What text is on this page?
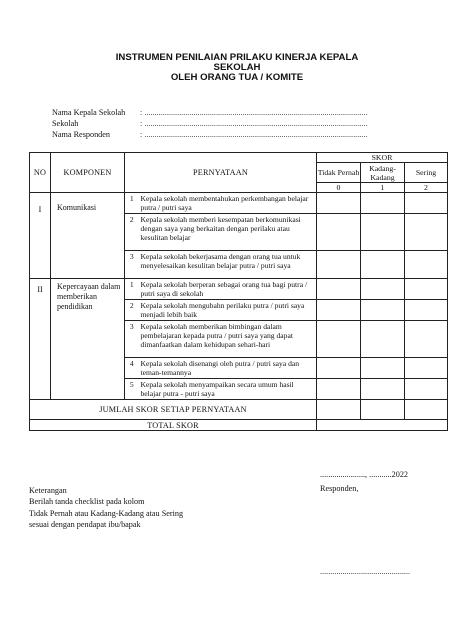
INSTRUMEN PENILAIAN PRILAKU KINERJA KEPALA
SEKOLAH
OLEH ORANG TUA / KOMITE
Nama Kepala Sekolah : .............................................................................................................
Sekolah	: .............................................................................................................
Nama Responden	: .............................................................................................................
NO	KOMPONEN	PERNYATAAN		SKOR		
				Tidak Pernah	Kadang-Kadang	Sering
				0	1	2
I	Komunikasi	1	Kepala sekolah membentahukan perkembangan belajar putra / putri saya			
		2	Kepala sekolah memberi kesempatan berkomunikasi dengan saya yang berkaitan dengan perilaku atau kesulitan belajar			
		3	Kepala sekolah bekerjasama dengan orang tua untuk menyelesaikan kesulitan belajar putra / putri saya			
II	Kepercayaan dalam memberikan pendidikan	1	Kepala sekolah berperan sebagai orang tua bagi putra / putri saya di sekolah			
		2	Kepala sekolah mengubahn perilaku putra / putri saya menjadi lebih baik			
		3	Kepala sekolah memberikan bimbingan dalam pembelajaran kepada putra / putri saya yang dapat dimanfaatkan dalam kehidupan sehari-hari			
		4	Kepala sekolah disenangi oleh putra / putri saya dan teman-temannya			
		5	Kepala sekolah menyampaikan secara umum hasil belajar putra - putri saya			
JUMLAH SKOR SETIAP PERNYATAAN						
TOTAL SKOR						
......................, ...........2022
Responden,
............................................
Keterangan
Berilah tanda checklist pada kolom
Tidak Pernah atau Kadang-Kadang atau Sering
sesuai dengan pendapat ibu/bapak
